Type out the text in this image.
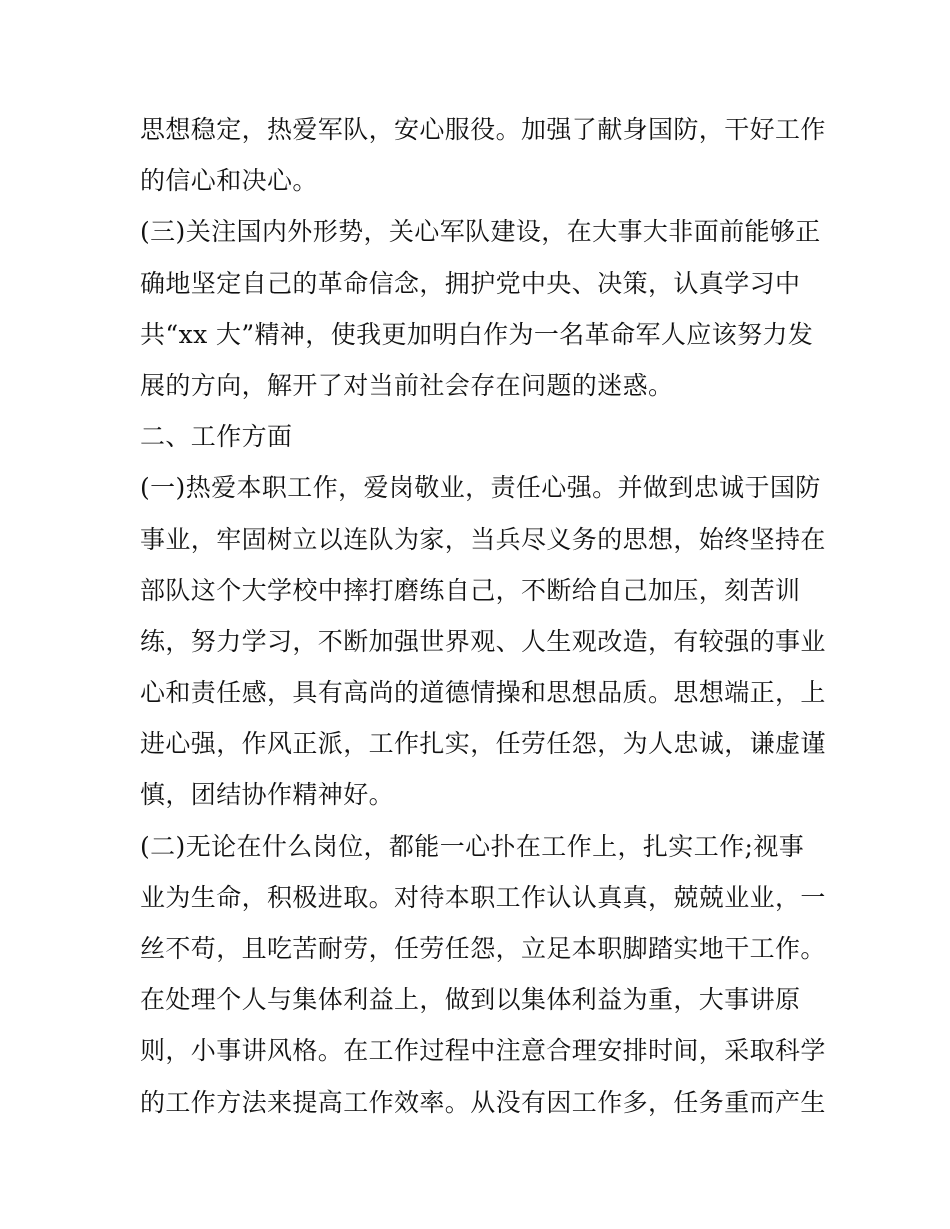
思想稳定，热爱军队，安心服役。加强了献身国防，干好工作
的信心和决心。
(三)关注国内外形势，关心军队建设，在大事大非面前能够正
确地坚定自己的革命信念，拥护党中央、决策，认真学习中
共“xx 大”精神，使我更加明白作为一名革命军人应该努力发
展的方向，解开了对当前社会存在问题的迷惑。
二、工作方面
(一)热爱本职工作，爱岗敬业，责任心强。并做到忠诚于国防
事业，牢固树立以连队为家，当兵尽义务的思想，始终坚持在
部队这个大学校中摔打磨练自己，不断给自己加压，刻苦训
练，努力学习，不断加强世界观、人生观改造，有较强的事业
心和责任感，具有高尚的道德情操和思想品质。思想端正，上
进心强，作风正派，工作扎实，任劳任怨，为人忠诚，谦虚谨
慎，团结协作精神好。
(二)无论在什么岗位，都能一心扑在工作上，扎实工作;视事
业为生命，积极进取。对待本职工作认认真真，兢兢业业，一
丝不苟，且吃苦耐劳，任劳任怨，立足本职脚踏实地干工作。
在处理个人与集体利益上，做到以集体利益为重，大事讲原
则，小事讲风格。在工作过程中注意合理安排时间，采取科学
的工作方法来提高工作效率。从没有因工作多，任务重而产生
